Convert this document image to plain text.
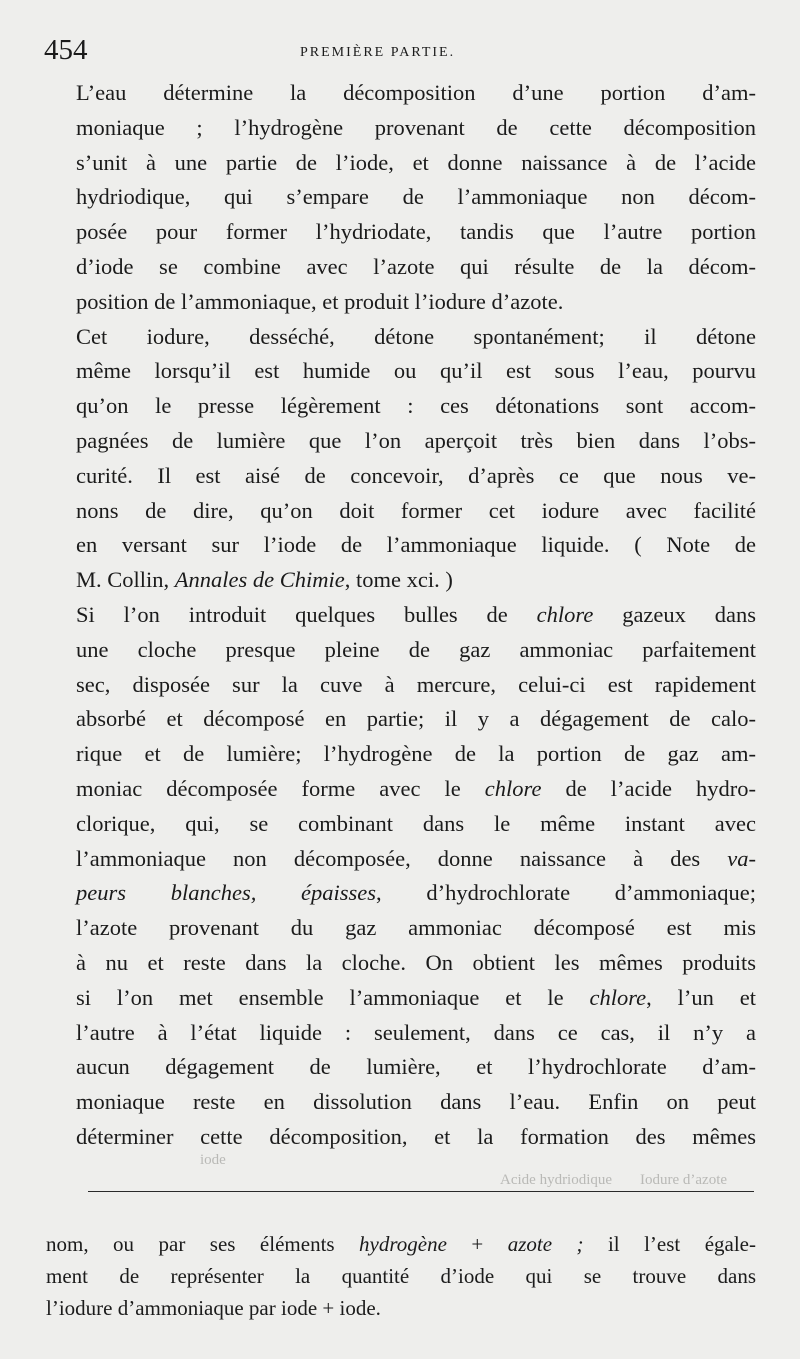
454	PREMIÈRE PARTIE.

L’eau détermine la décomposition d’une portion d’am-
moniaque ; l’hydrogène provenant de cette décomposition
s’unit à une partie de l’iode, et donne naissance à de l’acide
hydriodique, qui s’empare de l’ammoniaque non décom-
posée pour former l’hydriodate, tandis que l’autre portion
d’iode se combine avec l’azote qui résulte de la décom-
position de l’ammoniaque, et produit l’iodure d’azote.

Cet iodure, desséché, détone spontanément; il détone
même lorsqu’il est humide ou qu’il est sous l’eau, pourvu
qu’on le presse légèrement : ces détonations sont accom-
pagnées de lumière que l’on aperçoit très bien dans l’obs-
curité. Il est aisé de concevoir, d’après ce que nous ve-
nons de dire, qu’on doit former cet iodure avec facilité
en versant sur l’iode de l’ammoniaque liquide. ( Note de
M. Collin, Annales de Chimie, tome xci. )

Si l’on introduit quelques bulles de chlore gazeux dans
une cloche presque pleine de gaz ammoniac parfaitement
sec, disposée sur la cuve à mercure, celui-ci est rapidement
absorbé et décomposé en partie; il y a dégagement de calo-
rique et de lumière; l’hydrogène de la portion de gaz am-
moniac décomposée forme avec le chlore de l’acide hydro-
clorique, qui, se combinant dans le même instant avec
l’ammoniaque non décomposée, donne naissance à des va-
peurs blanches, épaisses, d’hydrochlorate d’ammoniaque;
l’azote provenant du gaz ammoniac décomposé est mis
à nu et reste dans la cloche. On obtient les mêmes produits
si l’on met ensemble l’ammoniaque et le chlore, l’un et
l’autre à l’état liquide : seulement, dans ce cas, il n’y a
aucun dégagement de lumière, et l’hydrochlorate d’am-
moniaque reste en dissolution dans l’eau. Enfin on peut
déterminer cette décomposition, et la formation des mêmes

iode
Acide hydriodique Iodure d’azote
nom, ou par ses éléments hydrogène + azote ; il l’est égale-
ment de représenter la quantité d’iode qui se trouve dans
l’iodure d’ammoniaque par iode + iode.
